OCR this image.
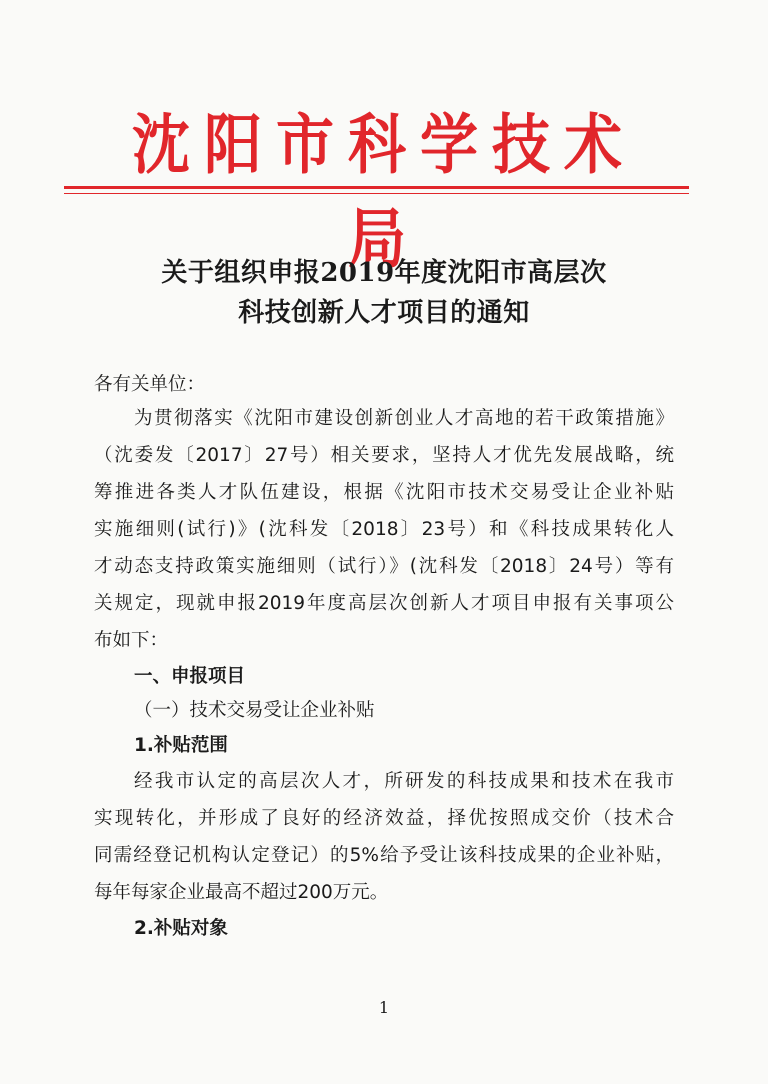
沈阳市科学技术局
关于组织申报2019年度沈阳市高层次
科技创新人才项目的通知
各有关单位：
为贯彻落实《沈阳市建设创新创业人才高地的若干政策措施》
（沈委发〔2017〕27号）相关要求，坚持人才优先发展战略，统
筹推进各类人才队伍建设，根据《沈阳市技术交易受让企业补贴
实施细则(试行)》(沈科发〔2018〕23号）和《科技成果转化人
才动态支持政策实施细则（试行）》(沈科发〔2018〕24号）等有
关规定，现就申报2019年度高层次创新人才项目申报有关事项公
布如下：
一、申报项目
（一）技术交易受让企业补贴
1.补贴范围
经我市认定的高层次人才，所研发的科技成果和技术在我市
实现转化，并形成了良好的经济效益，择优按照成交价（技术合
同需经登记机构认定登记）的5%给予受让该科技成果的企业补贴，
每年每家企业最高不超过200万元。
2.补贴对象
1
